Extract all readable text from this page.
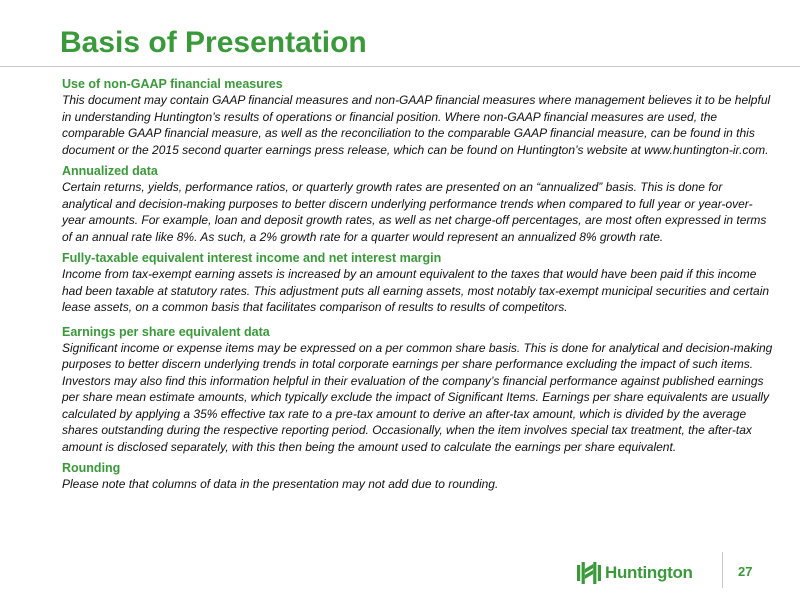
Basis of Presentation

Use of non-GAAP financial measures

This document may contain GAAP financial measures and non-GAAP financial measures where management believes it to be helpful in understanding Huntington’s results of operations or financial position. Where non-GAAP financial measures are used, the comparable GAAP financial measure, as well as the reconciliation to the comparable GAAP financial measure, can be found in this document or the 2015 second quarter earnings press release, which can be found on Huntington’s website at www.huntington-ir.com.

Annualized data

Certain returns, yields, performance ratios, or quarterly growth rates are presented on an “annualized” basis. This is done for analytical and decision-making purposes to better discern underlying performance trends when compared to full year or year-over-year amounts. For example, loan and deposit growth rates, as well as net charge-off percentages, are most often expressed in terms of an annual rate like 8%. As such, a 2% growth rate for a quarter would represent an annualized 8% growth rate.

Fully-taxable equivalent interest income and net interest margin

Income from tax-exempt earning assets is increased by an amount equivalent to the taxes that would have been paid if this income had been taxable at statutory rates. This adjustment puts all earning assets, most notably tax-exempt municipal securities and certain lease assets, on a common basis that facilitates comparison of results to results of competitors.

Earnings per share equivalent data

Significant income or expense items may be expressed on a per common share basis. This is done for analytical and decision-making purposes to better discern underlying trends in total corporate earnings per share performance excluding the impact of such items. Investors may also find this information helpful in their evaluation of the company’s financial performance against published earnings per share mean estimate amounts, which typically exclude the impact of Significant Items. Earnings per share equivalents are usually calculated by applying a 35% effective tax rate to a pre-tax amount to derive an after-tax amount, which is divided by the average shares outstanding during the respective reporting period. Occasionally, when the item involves special tax treatment, the after-tax amount is disclosed separately, with this then being the amount used to calculate the earnings per share equivalent.

Rounding

Please note that columns of data in the presentation may not add due to rounding.

Huntington	27
